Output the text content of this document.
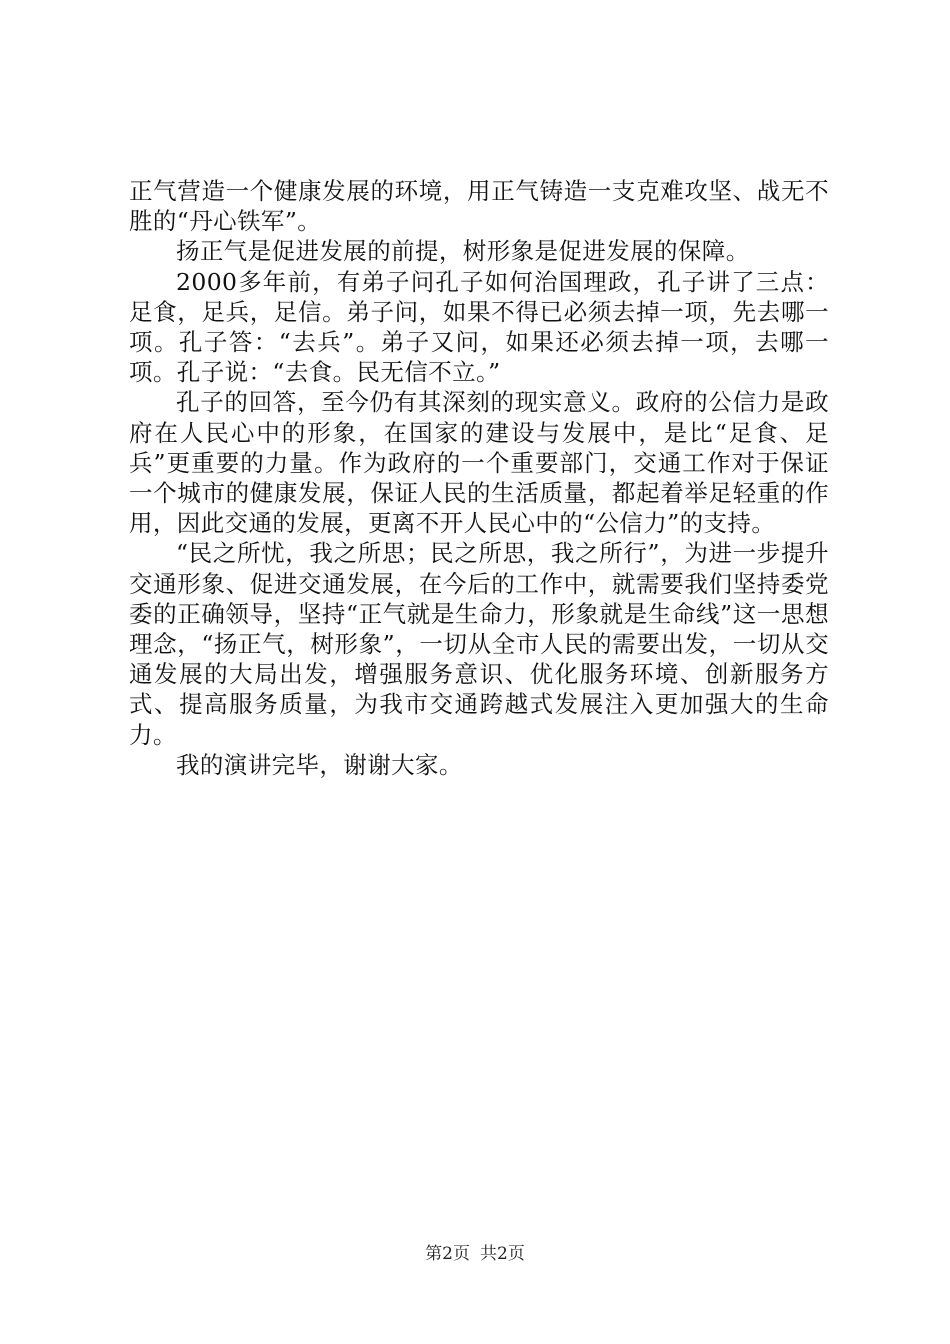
正气营造一个健康发展的环境，用正气铸造一支克难攻坚、战无不胜的“丹心铁军”。

扬正气是促进发展的前提，树形象是促进发展的保障。

2000多年前，有弟子问孔子如何治国理政，孔子讲了三点：足食，足兵，足信。弟子问，如果不得已必须去掉一项，先去哪一项。孔子答：“去兵”。弟子又问，如果还必须去掉一项，去哪一项。孔子说：“去食。民无信不立。”

孔子的回答，至今仍有其深刻的现实意义。政府的公信力是政府在人民心中的形象，在国家的建设与发展中，是比“足食、足兵”更重要的力量。作为政府的一个重要部门，交通工作对于保证一个城市的健康发展，保证人民的生活质量，都起着举足轻重的作用，因此交通的发展，更离不开人民心中的“公信力”的支持。

“民之所忧，我之所思；民之所思，我之所行”，为进一步提升交通形象、促进交通发展，在今后的工作中，就需要我们坚持委党委的正确领导，坚持“正气就是生命力，形象就是生命线”这一思想理念，“扬正气，树形象”，一切从全市人民的需要出发，一切从交通发展的大局出发，增强服务意识、优化服务环境、创新服务方式、提高服务质量，为我市交通跨越式发展注入更加强大的生命力。

我的演讲完毕，谢谢大家。

第2页 共2页
